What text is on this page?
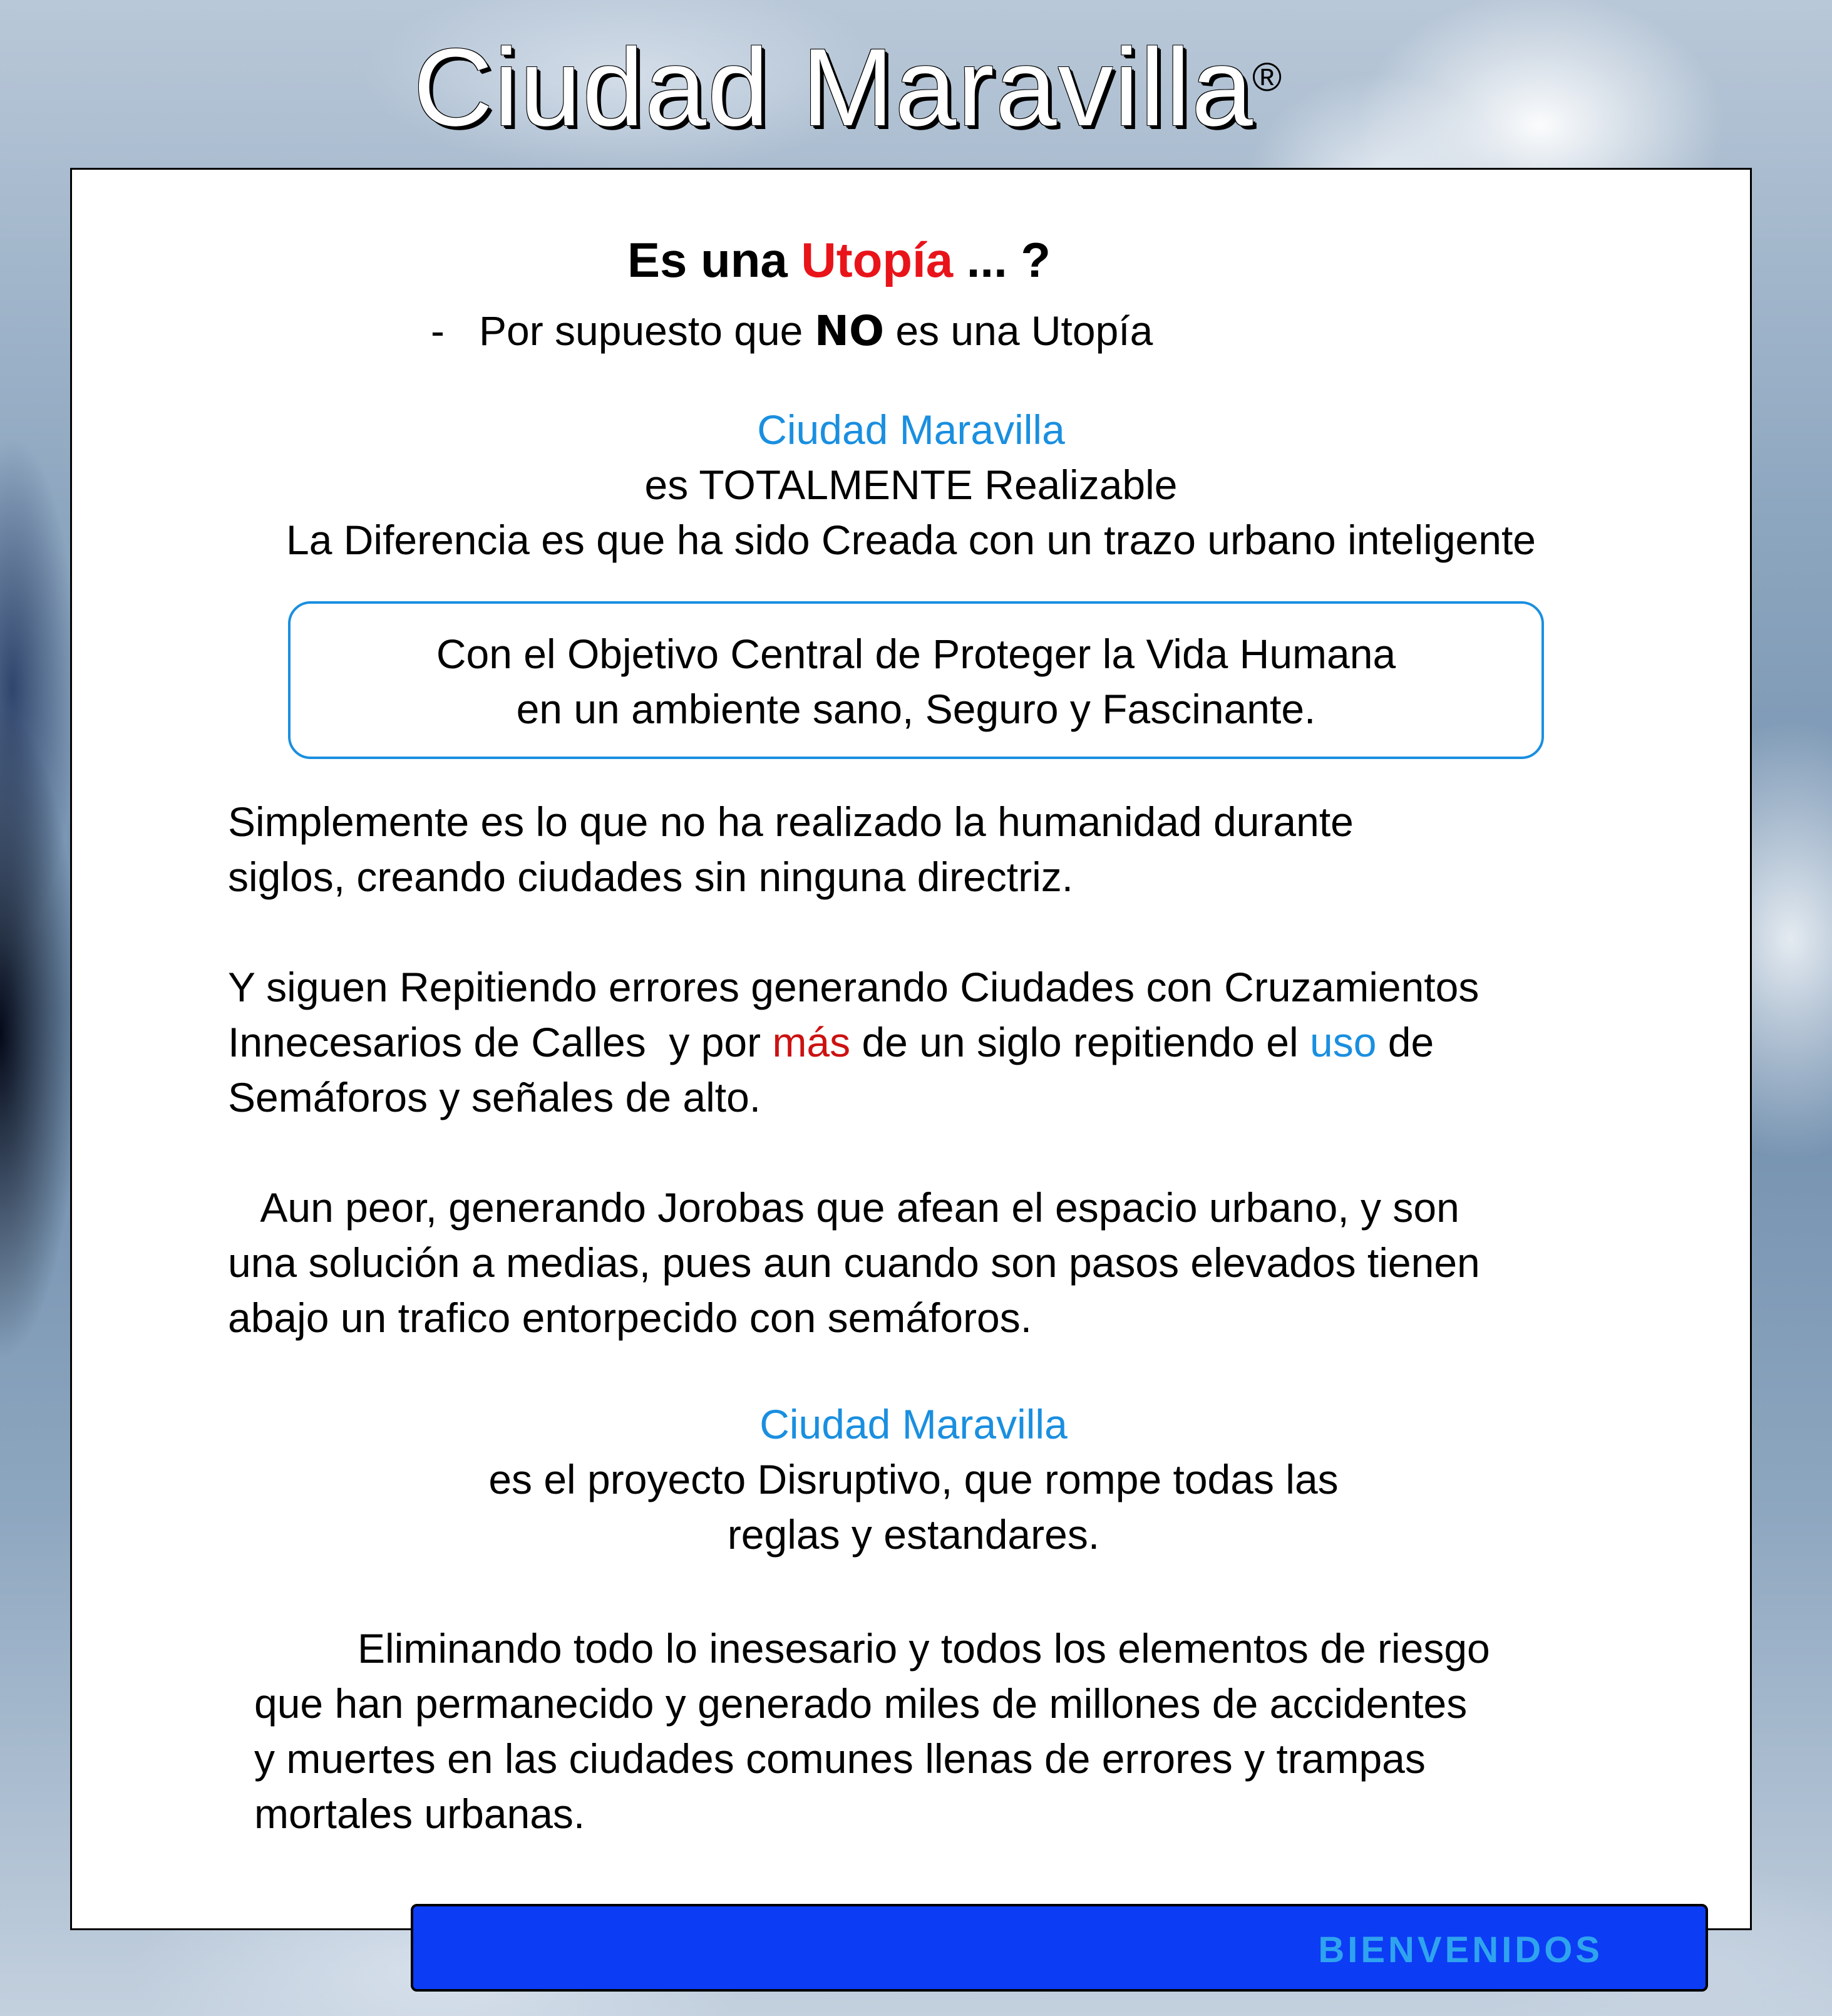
Ciudad Maravilla
®
Es una Utopía ... ?
-   Por supuesto que NO es una Utopía
Ciudad Maravilla
es TOTALMENTE Realizable
La Diferencia es que ha sido Creada con un trazo urbano inteligente
Con el Objetivo Central de Proteger la Vida Humana
en un ambiente sano, Seguro y Fascinante.
Simplemente es lo que no ha realizado la humanidad durante
siglos, creando ciudades sin ninguna directriz.
Y siguen Repitiendo errores generando Ciudades con Cruzamientos
Innecesarios de Calles  y por más de un siglo repitiendo el uso de
Semáforos y señales de alto.
Aun peor, generando Jorobas que afean el espacio urbano, y son
una solución a medias, pues aun cuando son pasos elevados tienen
abajo un trafico entorpecido con semáforos.
Ciudad Maravilla
es el proyecto Disruptivo, que rompe todas las
reglas y estandares.
Eliminando todo lo inesesario y todos los elementos de riesgo
que han permanecido y generado miles de millones de accidentes
y muertes en las ciudades comunes llenas de errores y trampas
mortales urbanas.
BIENVENIDOS
